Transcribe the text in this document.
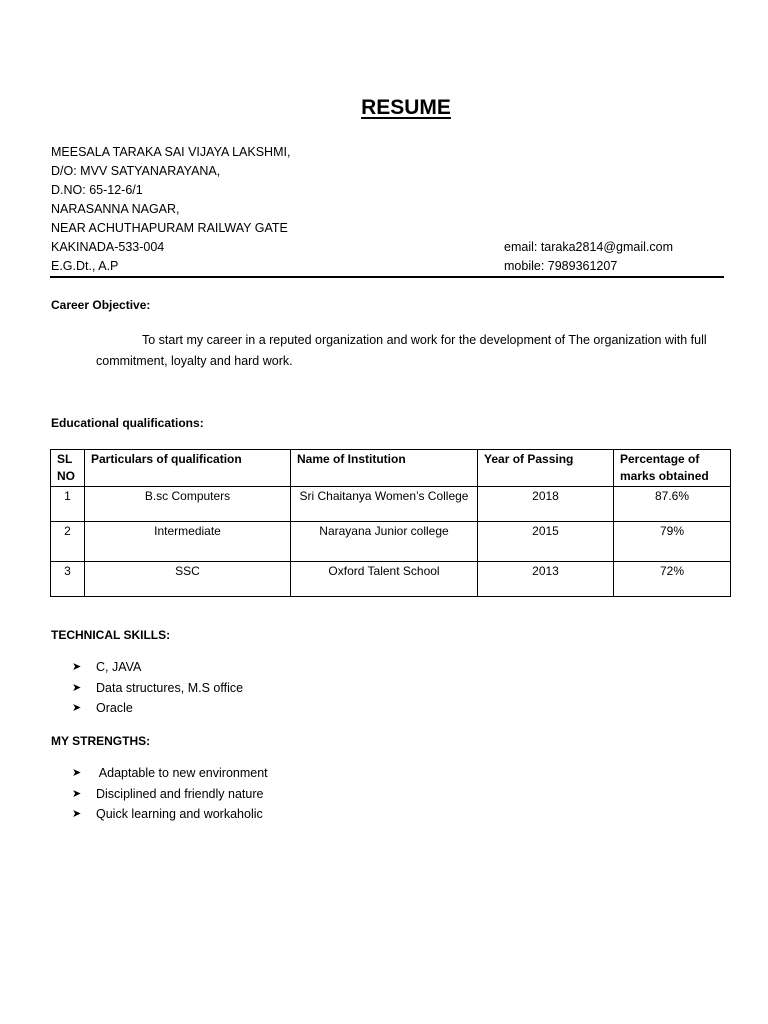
RESUME
MEESALA TARAKA SAI VIJAYA LAKSHMI,
D/O: MVV SATYANARAYANA,
D.NO: 65-12-6/1
NARASANNA NAGAR,
NEAR ACHUTHAPURAM RAILWAY GATE
KAKINADA-533-004
E.G.Dt., A.P
email: taraka2814@gmail.com
mobile: 7989361207
Career Objective:
To start my career in a reputed organization and work for the development of The organization with full commitment, loyalty and hard work.
Educational qualifications:
SL NO	Particulars of qualification	Name of Institution	Year of Passing	Percentage of marks obtained
1	B.sc Computers	Sri Chaitanya Women’s College	2018	87.6%
2	Intermediate	Narayana Junior college	2015	79%
3	SSC	Oxford Talent School	2013	72%
TECHNICAL SKILLS:
➤	C, JAVA
➤	Data structures, M.S office
➤	Oracle
MY STRENGTHS:
➤	Adaptable to new environment
➤	Disciplined and friendly nature
➤	Quick learning and workaholic
